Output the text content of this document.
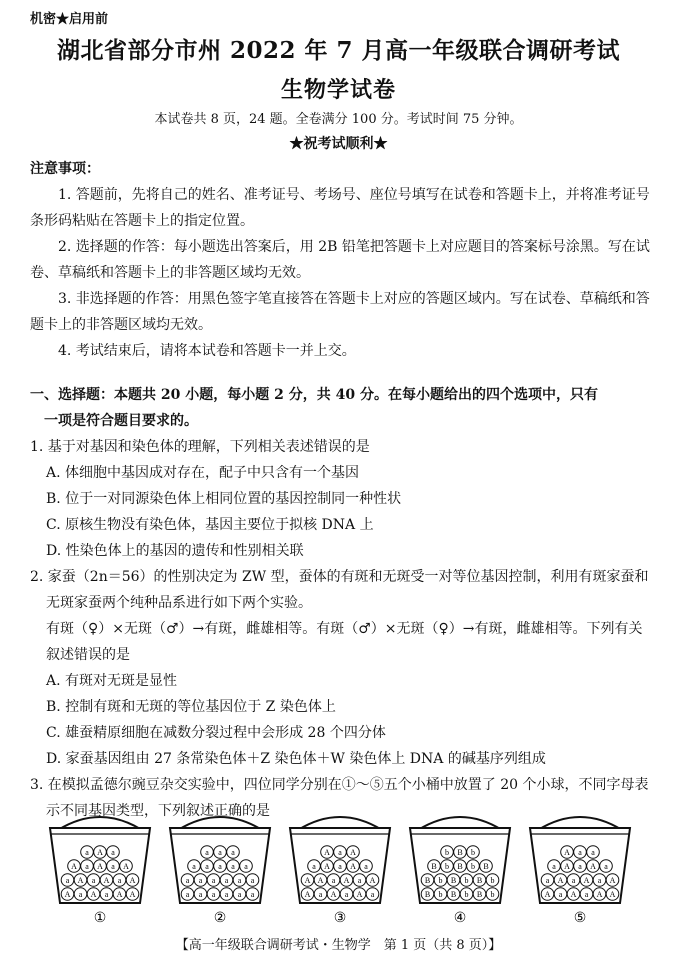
机密★启用前
湖北省部分市州 2022 年 7 月高一年级联合调研考试
生物学试卷
本试卷共 8 页，24 题。全卷满分 100 分。考试时间 75 分钟。
★祝考试顺利★
注意事项：
1. 答题前，先将自己的姓名、准考证号、考场号、座位号填写在试卷和答题卡上，并将准考证号条形码粘贴在答题卡上的指定位置。
2. 选择题的作答：每小题选出答案后，用 2B 铅笔把答题卡上对应题目的答案标号涂黑。写在试卷、草稿纸和答题卡上的非答题区域均无效。
3. 非选择题的作答：用黑色签字笔直接答在答题卡上对应的答题区域内。写在试卷、草稿纸和答题卡上的非答题区域均无效。
4. 考试结束后，请将本试卷和答题卡一并上交。
一、选择题：本题共 20 小题，每小题 2 分，共 40 分。在每小题给出的四个选项中，只有
一项是符合题目要求的。
1. 基于对基因和染色体的理解，下列相关表述错误的是
A. 体细胞中基因成对存在，配子中只含有一个基因
B. 位于一对同源染色体上相同位置的基因控制同一种性状
C. 原核生物没有染色体，基因主要位于拟核 DNA 上
D. 性染色体上的基因的遗传和性别相关联
2. 家蚕（2n＝56）的性别决定为 ZW 型，蚕体的有斑和无斑受一对等位基因控制，利用有斑家蚕和无斑家蚕两个纯种品系进行如下两个实验。
有斑（♀）×无斑（♂）→有斑，雌雄相等。有斑（♂）×无斑（♀）→有斑，雌雄相等。下列有关叙述错误的是
A. 有斑对无斑是显性
B. 控制有斑和无斑的等位基因位于 Z 染色体上
C. 雄蚕精原细胞在减数分裂过程中会形成 28 个四分体
D. 家蚕基因组由 27 条常染色体＋Z 染色体＋W 染色体上 DNA 的碱基序列组成
3. 在模拟孟德尔豌豆杂交实验中，四位同学分别在①～⑤五个小桶中放置了 20 个小球，不同字母表示不同基因类型，下列叙述正确的是
A a A a A A
a A a A a A
A a A a A
a A a
①
a a a a a a
a a a a a a
a a a a a
a a a
②
A a A a A a
A A a A a A
a A a A a
A a A
③
B b B b B b
B b B b B b
B b B b B
b B b
④
A a A a A A
a A a A a A
a A a A a
A a a
⑤
【高一年级联合调研考试・生物学　第 1 页（共 8 页）】
